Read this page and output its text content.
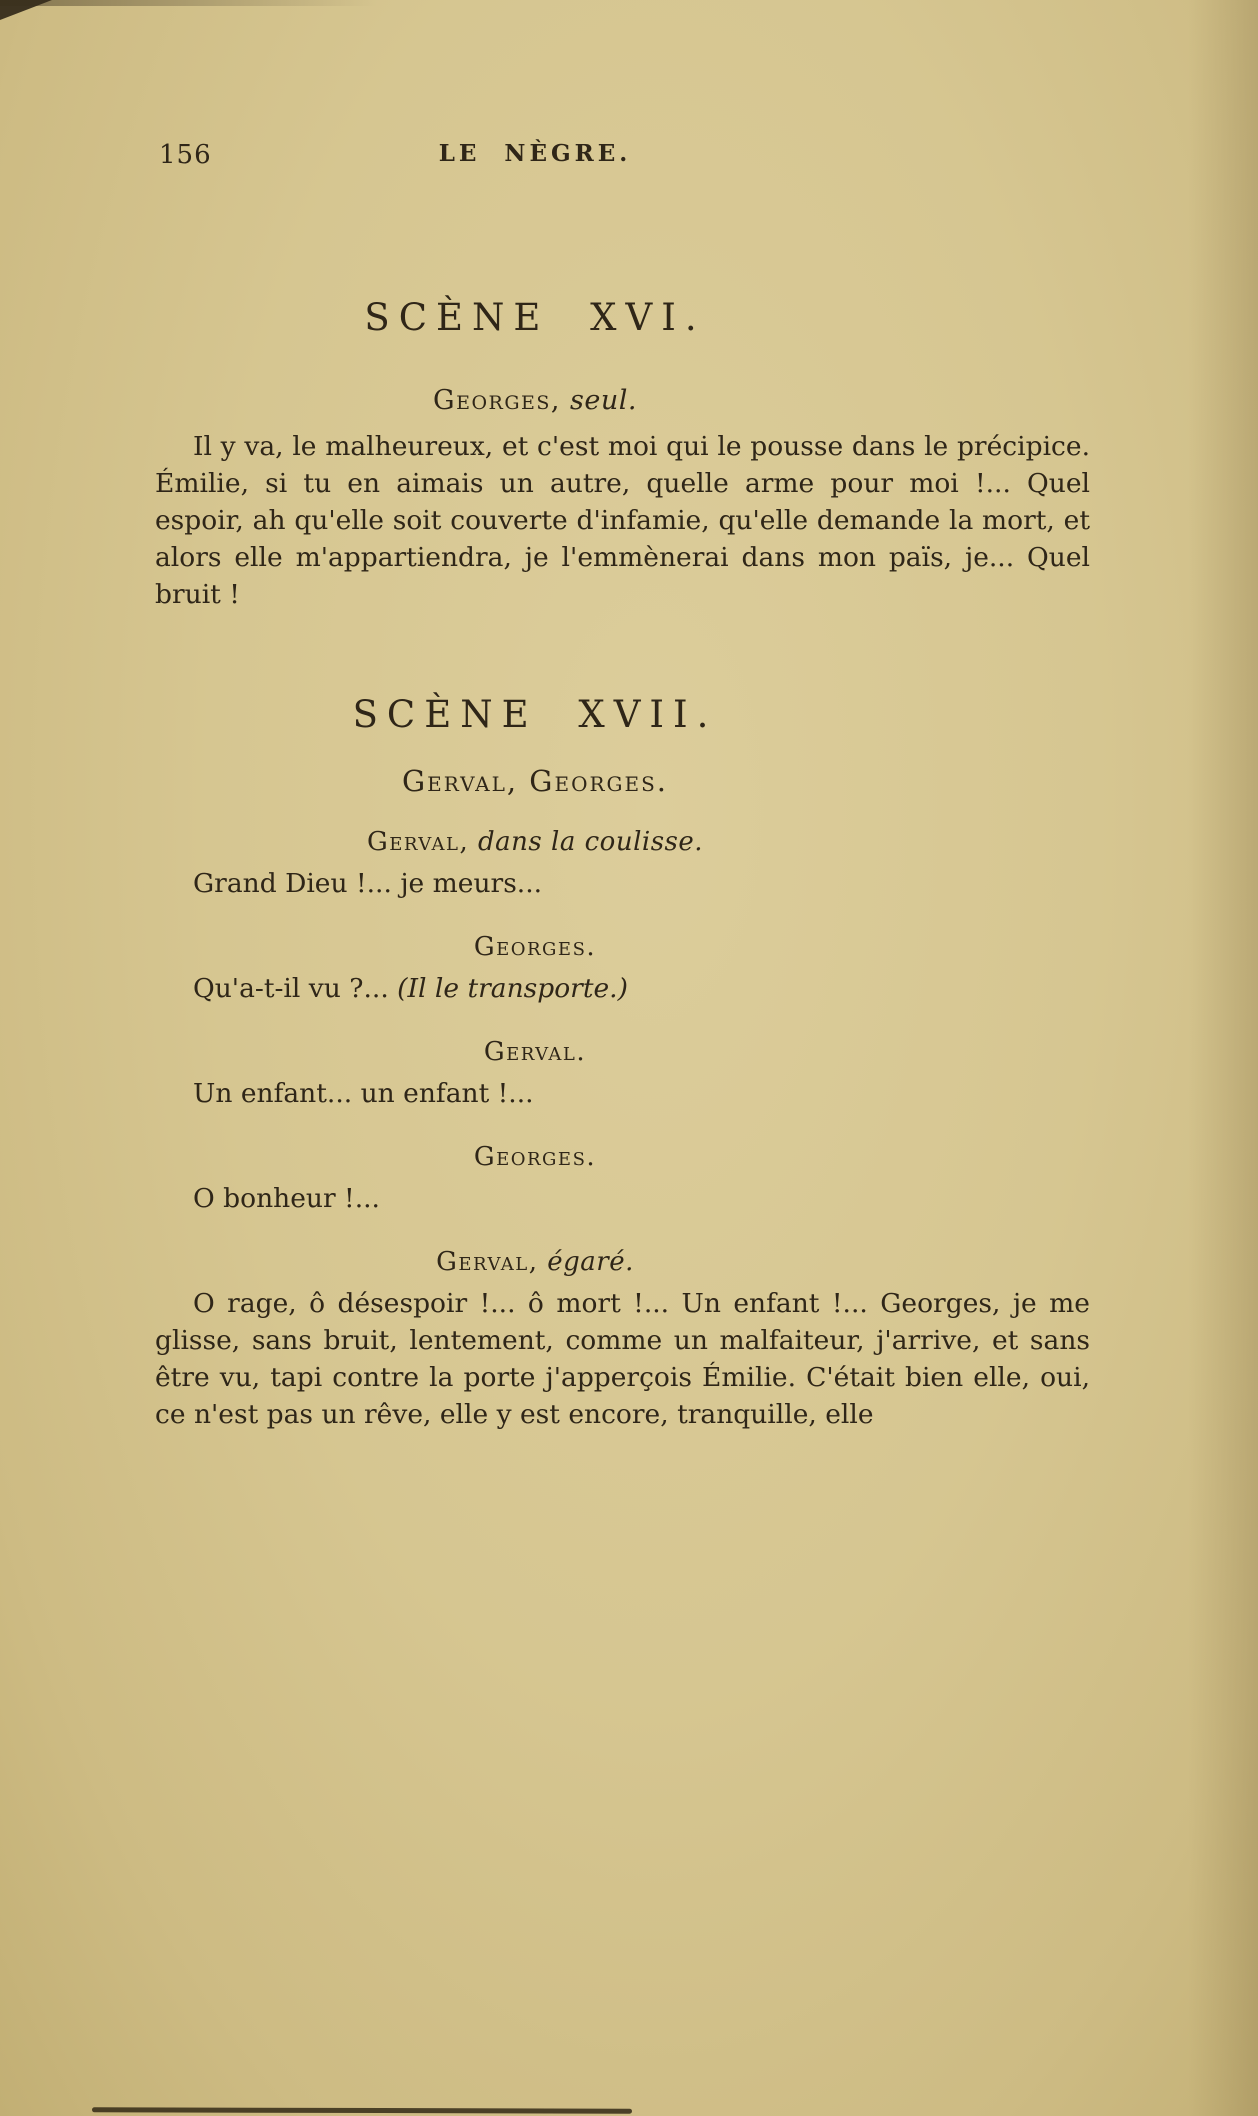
156	LE NÈGRE.
SCÈNE XVI.
Georges, seul.

Il y va, le malheureux, et c'est moi qui le pousse dans le précipice. Émilie, si tu en aimais un autre, quelle arme pour moi !... Quel espoir, ah qu'elle soit couverte d'infamie, qu'elle demande la mort, et alors elle m'appartiendra, je l'emmènerai dans mon païs, je... Quel bruit !

SCÈNE XVII.
Gerval, Georges.
Gerval, dans la coulisse.

Grand Dieu !... je meurs...

Georges.

Qu'a-t-il vu ?... (Il le transporte.)

Gerval.

Un enfant... un enfant !...

Georges.

O bonheur !...

Gerval, égaré.

O rage, ô désespoir !... ô mort !... Un enfant !... Georges, je me glisse, sans bruit, lentement, comme un malfaiteur, j'arrive, et sans être vu, tapi contre la porte j'apperçois Émilie. C'était bien elle, oui, ce n'est pas un rêve, elle y est encore, tranquille, elle
